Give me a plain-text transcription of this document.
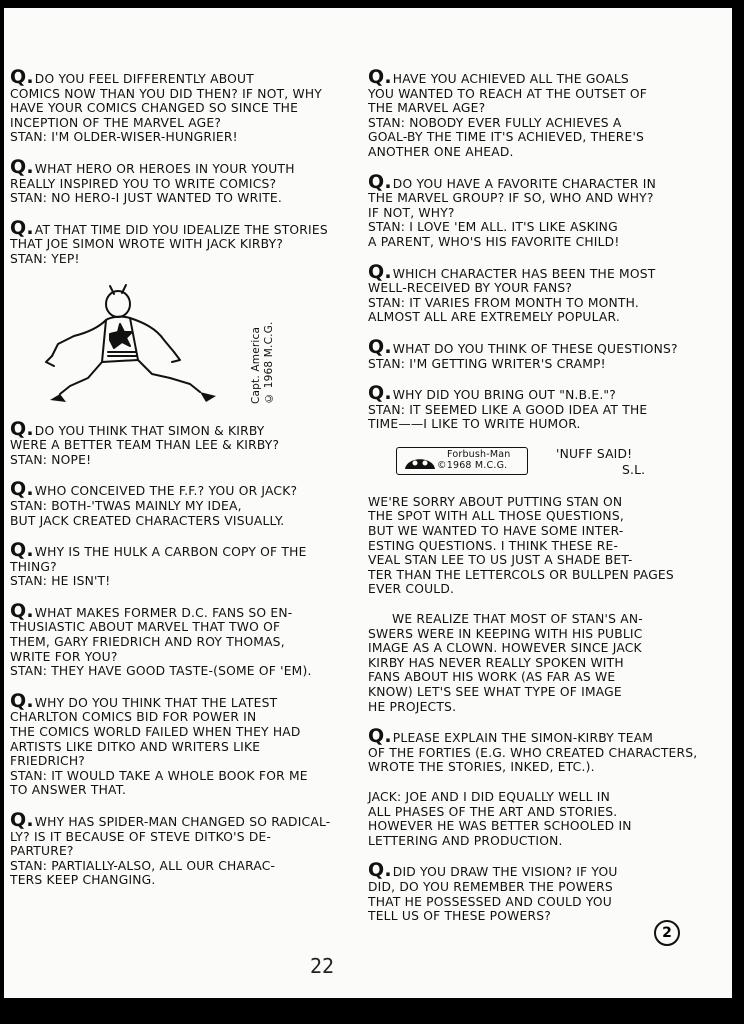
Q.DO YOU FEEL DIFFERENTLY ABOUT
COMICS NOW THAN YOU DID THEN? IF NOT, WHY
HAVE YOUR COMICS CHANGED SO SINCE THE
INCEPTION OF THE MARVEL AGE?
STAN: I'M OLDER-WISER-HUNGRIER!
Q.WHAT HERO OR HEROES IN YOUR YOUTH
REALLY INSPIRED YOU TO WRITE COMICS?
STAN: NO HERO-I JUST WANTED TO WRITE.
Q.AT THAT TIME DID YOU IDEALIZE THE STORIES
THAT JOE SIMON WROTE WITH JACK KIRBY?
STAN: YEP!
Capt. America © 1968 M.C.G.
Q.DO YOU THINK THAT SIMON & KIRBY
WERE A BETTER TEAM THAN LEE & KIRBY?
STAN: NOPE!
Q.WHO CONCEIVED THE F.F.? YOU OR JACK?
STAN: BOTH-'TWAS MAINLY MY IDEA,
BUT JACK CREATED CHARACTERS VISUALLY.
Q.WHY IS THE HULK A CARBON COPY OF THE
THING?
STAN: HE ISN'T!
Q.WHAT MAKES FORMER D.C. FANS SO EN-
THUSIASTIC ABOUT MARVEL THAT TWO OF
THEM, GARY FRIEDRICH AND ROY THOMAS,
WRITE FOR YOU?
STAN: THEY HAVE GOOD TASTE-(SOME OF 'EM).
Q.WHY DO YOU THINK THAT THE LATEST
CHARLTON COMICS BID FOR POWER IN
THE COMICS WORLD FAILED WHEN THEY HAD
ARTISTS LIKE DITKO AND WRITERS LIKE
FRIEDRICH?
STAN: IT WOULD TAKE A WHOLE BOOK FOR ME
TO ANSWER THAT.
Q.WHY HAS SPIDER-MAN CHANGED SO RADICAL-
LY? IS IT BECAUSE OF STEVE DITKO'S DE-
PARTURE?
STAN: PARTIALLY-ALSO, ALL OUR CHARAC-
TERS KEEP CHANGING.
Q.HAVE YOU ACHIEVED ALL THE GOALS
YOU WANTED TO REACH AT THE OUTSET OF
THE MARVEL AGE?
STAN: NOBODY EVER FULLY ACHIEVES A
GOAL-BY THE TIME IT'S ACHIEVED, THERE'S
ANOTHER ONE AHEAD.
Q.DO YOU HAVE A FAVORITE CHARACTER IN
THE MARVEL GROUP? IF SO, WHO AND WHY?
IF NOT, WHY?
STAN: I LOVE 'EM ALL. IT'S LIKE ASKING
A PARENT, WHO'S HIS FAVORITE CHILD!
Q.WHICH CHARACTER HAS BEEN THE MOST
WELL-RECEIVED BY YOUR FANS?
STAN: IT VARIES FROM MONTH TO MONTH.
ALMOST ALL ARE EXTREMELY POPULAR.
Q.WHAT DO YOU THINK OF THESE QUESTIONS?
STAN: I'M GETTING WRITER'S CRAMP!
Q.WHY DID YOU BRING OUT "N.B.E."?
STAN: IT SEEMED LIKE A GOOD IDEA AT THE
TIME——I LIKE TO WRITE HUMOR.
Forbush-Man
©1968 M.C.G.
'NUFF SAID!
S.L.
WE'RE SORRY ABOUT PUTTING STAN ON
THE SPOT WITH ALL THOSE QUESTIONS,
BUT WE WANTED TO HAVE SOME INTER-
ESTING QUESTIONS. I THINK THESE RE-
VEAL STAN LEE TO US JUST A SHADE BET-
TER THAN THE LETTERCOLS OR BULLPEN PAGES
EVER COULD.
WE REALIZE THAT MOST OF STAN'S AN-
SWERS WERE IN KEEPING WITH HIS PUBLIC
IMAGE AS A CLOWN. HOWEVER SINCE JACK
KIRBY HAS NEVER REALLY SPOKEN WITH
FANS ABOUT HIS WORK (AS FAR AS WE
KNOW) LET'S SEE WHAT TYPE OF IMAGE
HE PROJECTS.
Q.PLEASE EXPLAIN THE SIMON-KIRBY TEAM
OF THE FORTIES (E.G. WHO CREATED CHARACTERS,
WROTE THE STORIES, INKED, ETC.).
JACK: JOE AND I DID EQUALLY WELL IN
ALL PHASES OF THE ART AND STORIES.
HOWEVER HE WAS BETTER SCHOOLED IN
LETTERING AND PRODUCTION.
Q.DID YOU DRAW THE VISION? IF YOU
DID, DO YOU REMEMBER THE POWERS
THAT HE POSSESSED AND COULD YOU
TELL US OF THESE POWERS?
22
2
